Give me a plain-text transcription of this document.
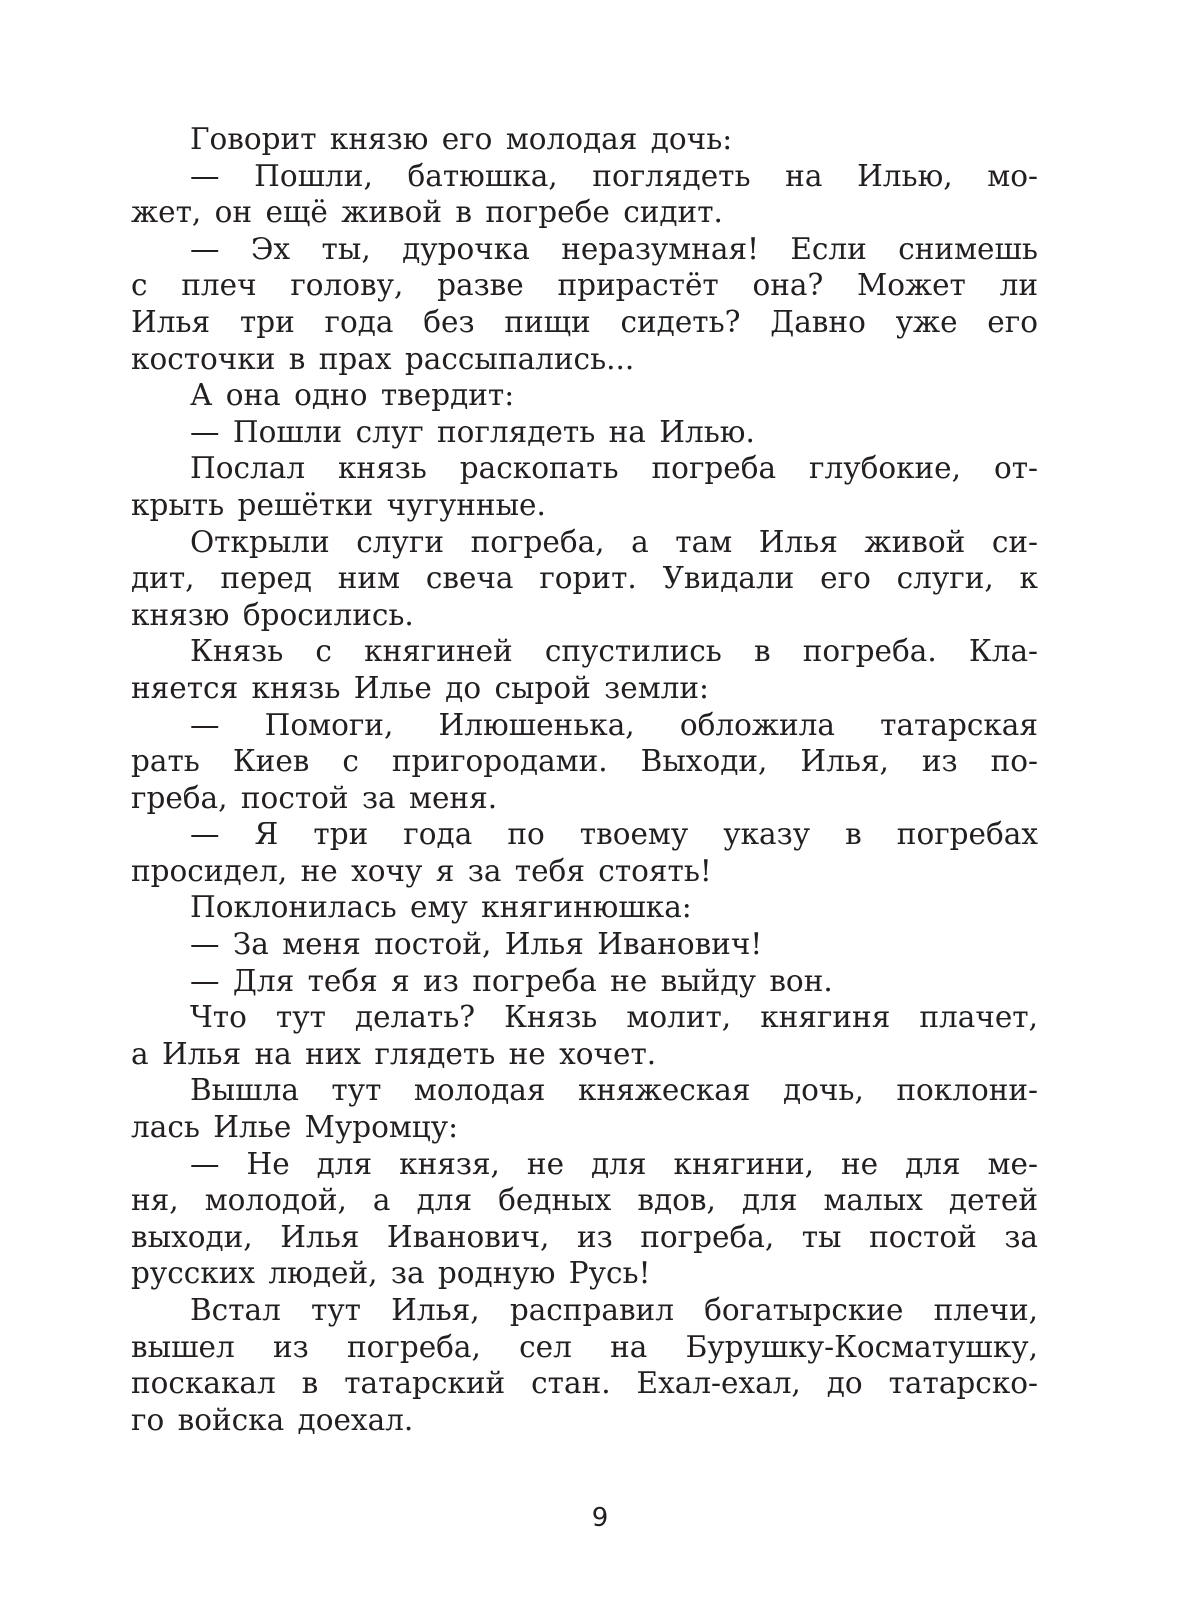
Говорит князю его молодая дочь:
— Пошли, батюшка, поглядеть на Илью, мо-
жет, он ещё живой в погребе сидит.
— Эх ты, дурочка неразумная! Если снимешь
с плеч голову, разве прирастёт она? Может ли
Илья три года без пищи сидеть? Давно уже его
косточки в прах рассыпались...
А она одно твердит:
— Пошли слуг поглядеть на Илью.
Послал князь раскопать погреба глубокие, от-
крыть решётки чугунные.
Открыли слуги погреба, а там Илья живой си-
дит, перед ним свеча горит. Увидали его слуги, к
князю бросились.
Князь с княгиней спустились в погреба. Кла-
няется князь Илье до сырой земли:
— Помоги, Илюшенька, обложила татарская
рать Киев с пригородами. Выходи, Илья, из по-
греба, постой за меня.
— Я три года по твоему указу в погребах
просидел, не хочу я за тебя стоять!
Поклонилась ему княгинюшка:
— За меня постой, Илья Иванович!
— Для тебя я из погреба не выйду вон.
Что тут делать? Князь молит, княгиня плачет,
а Илья на них глядеть не хочет.
Вышла тут молодая княжеская дочь, поклони-
лась Илье Муромцу:
— Не для князя, не для княгини, не для ме-
ня, молодой, а для бедных вдов, для малых детей
выходи, Илья Иванович, из погреба, ты постой за
русских людей, за родную Русь!
Встал тут Илья, расправил богатырские плечи,
вышел из погреба, сел на Бурушку-Косматушку,
поскакал в татарский стан. Ехал-ехал, до татарско-
го войска доехал.
9
